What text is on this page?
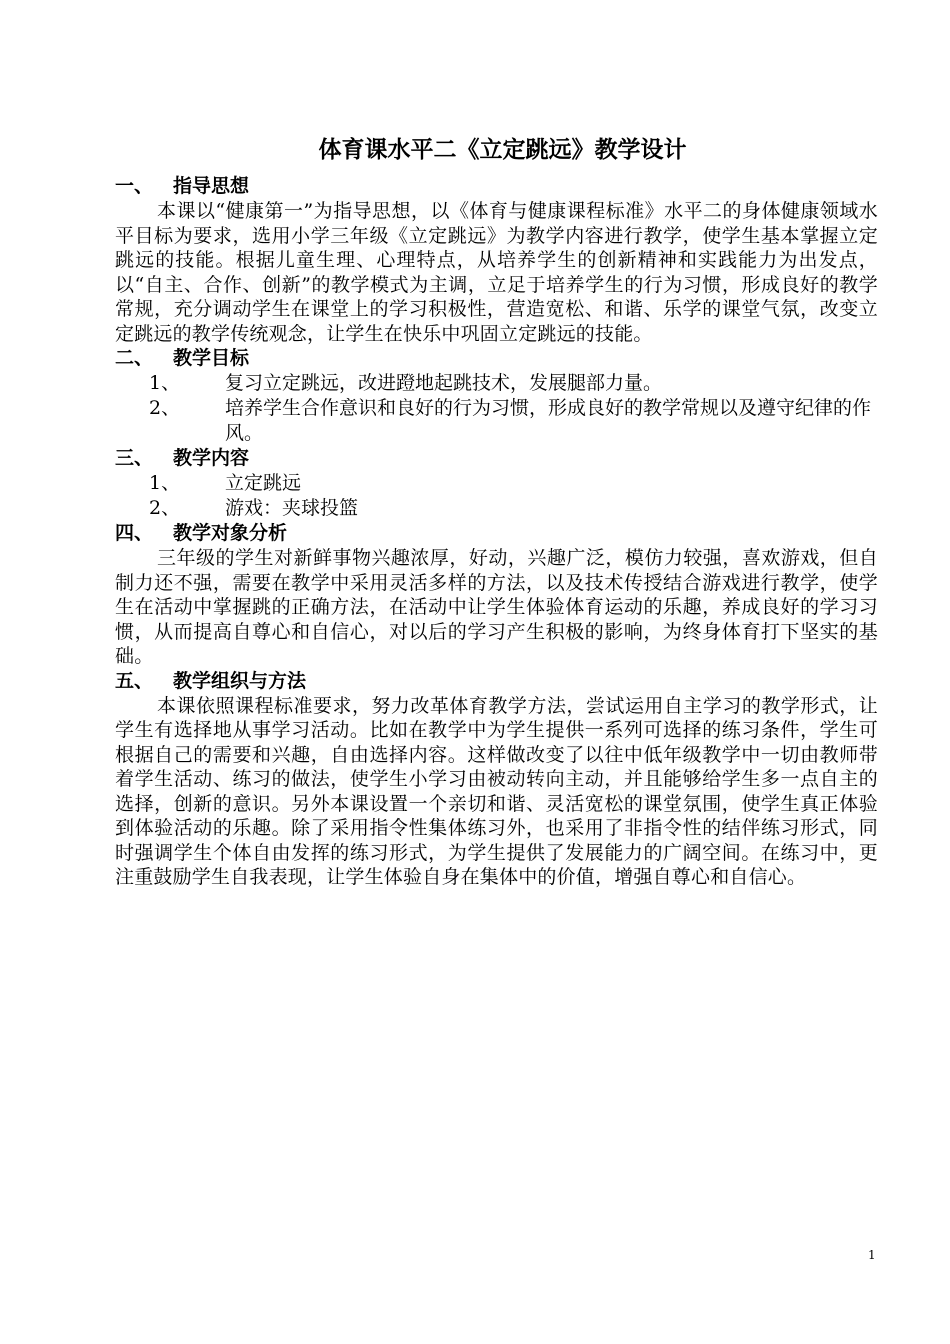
体育课水平二《立定跳远》教学设计
一、	指导思想

本课以“健康第一”为指导思想，以《体育与健康课程标准》水平二的身体健康领域水平目标为要求，选用小学三年级《立定跳远》为教学内容进行教学，使学生基本掌握立定跳远的技能。根据儿童生理、心理特点，从培养学生的创新精神和实践能力为出发点，以“自主、合作、创新”的教学模式为主调，立足于培养学生的行为习惯，形成良好的教学常规，充分调动学生在课堂上的学习积极性，营造宽松、和谐、乐学的课堂气氛，改变立定跳远的教学传统观念，让学生在快乐中巩固立定跳远的技能。

二、	教学目标
1、	复习立定跳远，改进蹬地起跳技术，发展腿部力量。
2、	培养学生合作意识和良好的行为习惯，形成良好的教学常规以及遵守纪律的作风。
三、	教学内容
1、	立定跳远
2、	游戏：夹球投篮
四、	教学对象分析

三年级的学生对新鲜事物兴趣浓厚，好动，兴趣广泛，模仿力较强，喜欢游戏，但自制力还不强，需要在教学中采用灵活多样的方法，以及技术传授结合游戏进行教学，使学生在活动中掌握跳的正确方法，在活动中让学生体验体育运动的乐趣，养成良好的学习习惯，从而提高自尊心和自信心，对以后的学习产生积极的影响，为终身体育打下坚实的基础。

五、	教学组织与方法

本课依照课程标准要求，努力改革体育教学方法，尝试运用自主学习的教学形式，让学生有选择地从事学习活动。比如在教学中为学生提供一系列可选择的练习条件，学生可根据自己的需要和兴趣，自由选择内容。这样做改变了以往中低年级教学中一切由教师带着学生活动、练习的做法，使学生小学习由被动转向主动，并且能够给学生多一点自主的选择，创新的意识。另外本课设置一个亲切和谐、灵活宽松的课堂氛围，使学生真正体验到体验活动的乐趣。除了采用指令性集体练习外，也采用了非指令性的结伴练习形式，同时强调学生个体自由发挥的练习形式，为学生提供了发展能力的广阔空间。在练习中，更注重鼓励学生自我表现，让学生体验自身在集体中的价值，增强自尊心和自信心。

1
